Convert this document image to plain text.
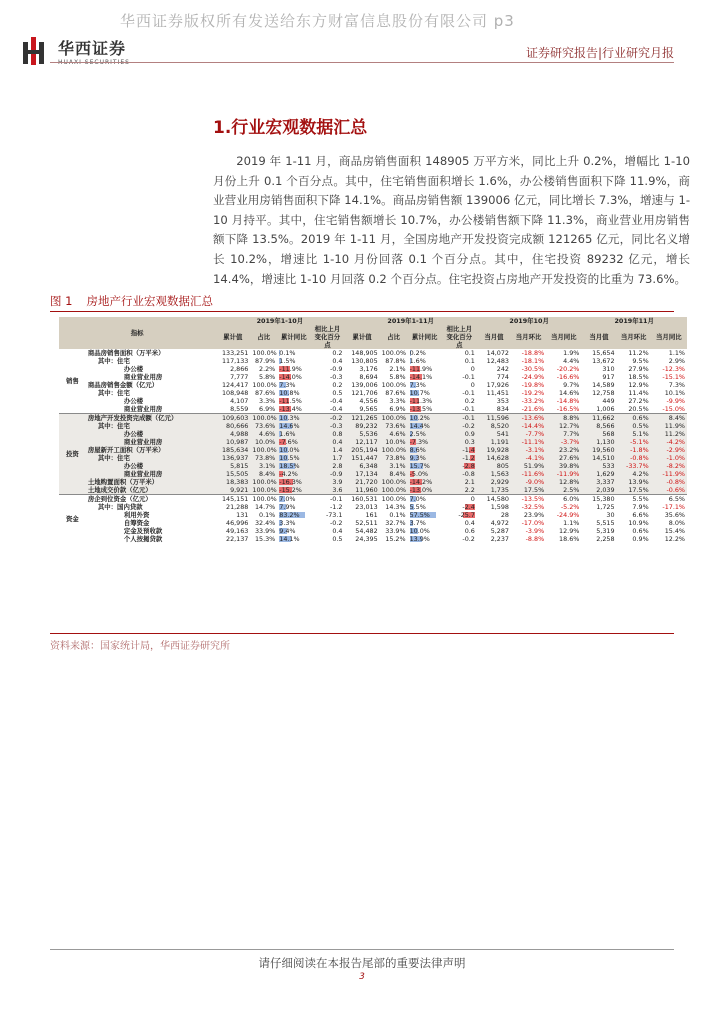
华西证券版权所有发送给东方财富信息股份有限公司 p3
华西证券	证券研究报告|行业研究月报
1.行业宏观数据汇总
2019 年 1-11 月，商品房销售面积 148905 万平方米，同比上升 0.2%，增幅比 1-10 月份上升 0.1 个百分点。其中，住宅销售面积增长 1.6%，办公楼销售面积下降 11.9%，商业营业用房销售面积下降 14.1%。商品房销售额 139006 亿元，同比增长 7.3%，增速与 1-10 月持平。其中，住宅销售额增长 10.7%，办公楼销售额下降 11.3%，商业营业用房销售额下降 13.5%。2019 年 1-11 月，全国房地产开发投资完成额 121265 亿元，同比名义增长 10.2%，增速比 1-10 月份回落 0.1 个百分点。其中，住宅投资 89232 亿元，增长 14.4%，增速比 1-10 月回落 0.2 个百分点。住宅投资占房地产开发投资的比重为 73.6%。
图 1 房地产行业宏观数据汇总
指标		2019年1-10月				2019年1-11月				2019年10月			2019年11月		
		累计值	占比	累计同比	相比上月变化百分点	累计值	占比	累计同比	相比上月变化百分点	当月值	当月环比	当月同比	当月值	当月环比	当月同比
销售	商品房销售面积（万平米）	133,251	100.0%	0.1%	0.2	148,905	100.0%	0.2%	0.1	14,072	-18.8%	1.9%	15,654	11.2%	1.1%
	其中：住宅	117,133	87.9%	1.5%	0.4	130,805	87.8%	1.6%	0.1	12,483	-18.1%	4.4%	13,672	9.5%	2.9%
	办公楼	2,866	2.2%	-11.9%	-0.9	3,176	2.1%	-11.9%	0	242	-30.5%	-20.2%	310	27.9%	-12.3%
	商业营业用房	7,777	5.8%	-14.0%	-0.3	8,694	5.8%	-14.1%	-0.1	774	-24.9%	-16.6%	917	18.5%	-15.1%
	商品房销售金额（亿元）	124,417	100.0%	7.3%	0.2	139,006	100.0%	7.3%	0	17,926	-19.8%	9.7%	14,589	12.9%	7.3%
	其中：住宅	108,948	87.6%	10.8%	0.5	121,706	87.6%	10.7%	-0.1	11,451	-19.2%	14.6%	12,758	11.4%	10.1%
	办公楼	4,107	3.3%	-11.5%	-0.4	4,556	3.3%	-11.3%	0.2	353	-33.2%	-14.8%	449	27.2%	-9.9%
	商业营业用房	8,559	6.9%	-13.4%	-0.4	9,565	6.9%	-13.5%	-0.1	834	-21.6%	-16.5%	1,006	20.5%	-15.0%
投资	房地产开发投资完成额（亿元）	109,603	100.0%	10.3%	-0.2	121,265	100.0%	10.2%	-0.1	11,596	-13.6%	8.8%	11,662	0.6%	8.4%
	其中：住宅	80,666	73.6%	14.6%	-0.3	89,232	73.6%	14.4%	-0.2	8,520	-14.4%	12.7%	8,566	0.5%	11.9%
	办公楼	4,988	4.6%	1.6%	0.8	5,536	4.6%	2.5%	0.9	541	-7.7%	7.7%	568	5.1%	11.2%
	商业营业用房	10,987	10.0%	-7.6%	0.4	12,117	10.0%	-7.3%	0.3	1,191	-11.1%	-3.7%	1,130	-5.1%	-4.2%
	房屋新开工面积（万平米）	185,634	100.0%	10.0%	1.4	205,194	100.0%	8.6%	-1.4	19,928	-3.1%	23.2%	19,560	-1.8%	-2.9%
	其中：住宅	136,937	73.8%	10.5%	1.7	151,447	73.8%	9.3%	-1.2	14,628	-4.1%	27.6%	14,510	-0.8%	-1.0%
	办公楼	5,815	3.1%	18.5%	2.8	6,348	3.1%	15.7%	-2.8	805	51.9%	39.8%	533	-33.7%	-8.2%
	商业营业用房	15,505	8.4%	-4.2%	-0.9	17,134	8.4%	-5.0%	-0.8	1,563	-11.6%	-11.9%	1,629	4.2%	-11.9%
	土地购置面积（万平米）	18,383	100.0%	-16.3%	3.9	21,720	100.0%	-14.2%	2.1	2,929	-9.0%	12.8%	3,337	13.9%	-0.8%
	土地成交价款（亿元）	9,921	100.0%	-15.2%	3.6	11,960	100.0%	-13.0%	2.2	1,735	17.5%	2.5%	2,039	17.5%	-0.6%
资金	房企到位资金（亿元）	145,151	100.0%	7.0%	-0.1	160,531	100.0%	7.0%	0	14,580	-13.5%	6.0%	15,380	5.5%	6.5%
	其中：国内贷款	21,288	14.7%	7.9%	-1.2	23,013	14.3%	5.5%	-2.4	1,598	-32.5%	-5.2%	1,725	7.9%	-17.1%
	利用外资	131	0.1%	83.2%	-73.1	161	0.1%	57.5%	-25.7	28	23.9%	-24.9%	30	6.6%	35.6%
	自筹资金	46,996	32.4%	3.3%	-0.2	52,511	32.7%	3.7%	0.4	4,972	-17.0%	1.1%	5,515	10.9%	8.0%
	定金及预收款	49,163	33.9%	9.4%	0.4	54,482	33.9%	10.0%	0.6	5,287	-3.9%	12.9%	5,319	0.6%	15.4%
	个人按揭贷款	22,137	15.3%	14.1%	0.5	24,395	15.2%	13.9%	-0.2	2,237	-8.8%	18.6%	2,258	0.9%	12.2%
资料来源：国家统计局，华西证券研究所
请仔细阅读在本报告尾部的重要法律声明
3
